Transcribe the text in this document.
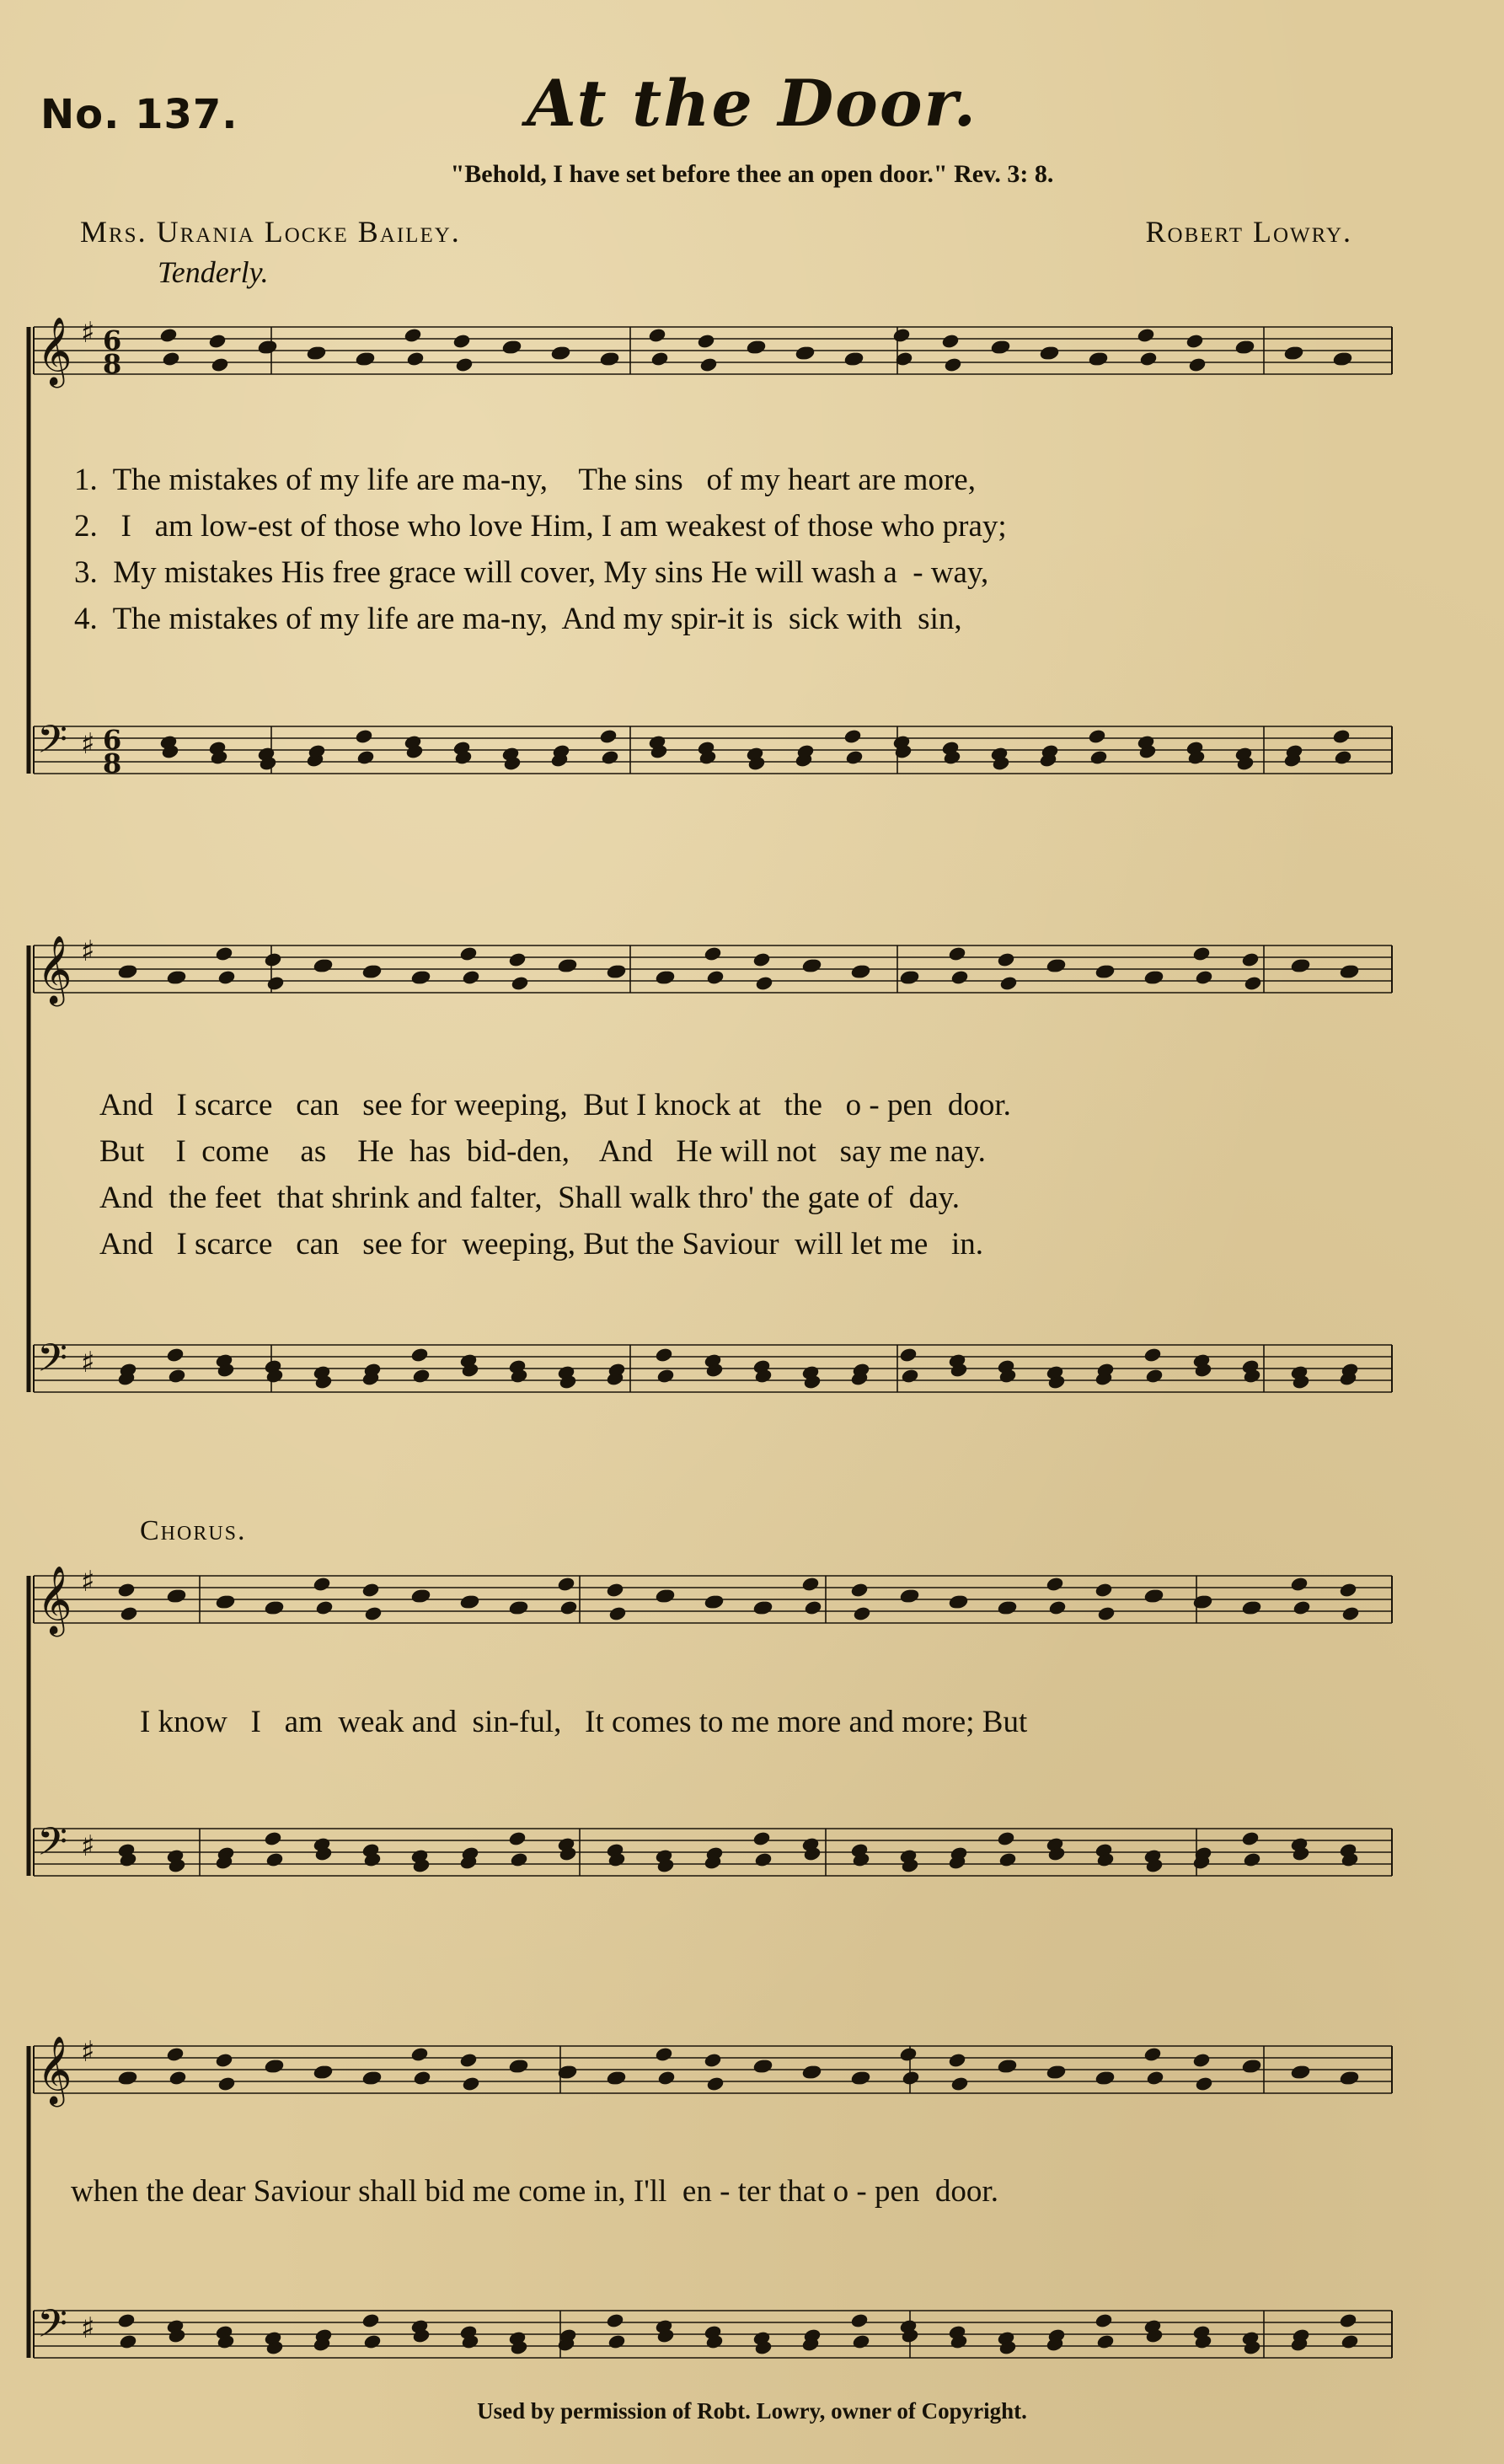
No. 137.	At the Door.
"Behold, I have set before thee an open door." Rev. 3: 8.
Mrs. Urania Locke Bailey.	Robert Lowry.
Tenderly.
𝄞
𝄢
♯
♯
6
8
6
8
𝄞
𝄢
♯
♯
𝄞
𝄢
♯
♯
𝄞
𝄢
♯
♯
1.  The mistakes of my life are ma-ny,    The sins   of my heart are more,
2.   I   am low-est of those who love Him, I am weakest of those who pray;
3.  My mistakes His free grace will cover, My sins He will wash a  - way,
4.  The mistakes of my life are ma-ny,  And my spir-it is  sick with  sin,
And   I scarce   can   see for weeping,  But I knock at   the   o - pen  door.
But    I  come    as    He  has  bid-den,    And   He will not   say me nay.
And  the feet  that shrink and falter,  Shall walk thro' the gate of  day.
And   I scarce   can   see for  weeping, But the Saviour  will let me   in.
Chorus.
I know   I   am  weak and  sin-ful,   It comes to me more and more; But
when the dear Saviour shall bid me come in, I'll  en - ter that o - pen  door.
Used by permission of Robt. Lowry, owner of Copyright.
